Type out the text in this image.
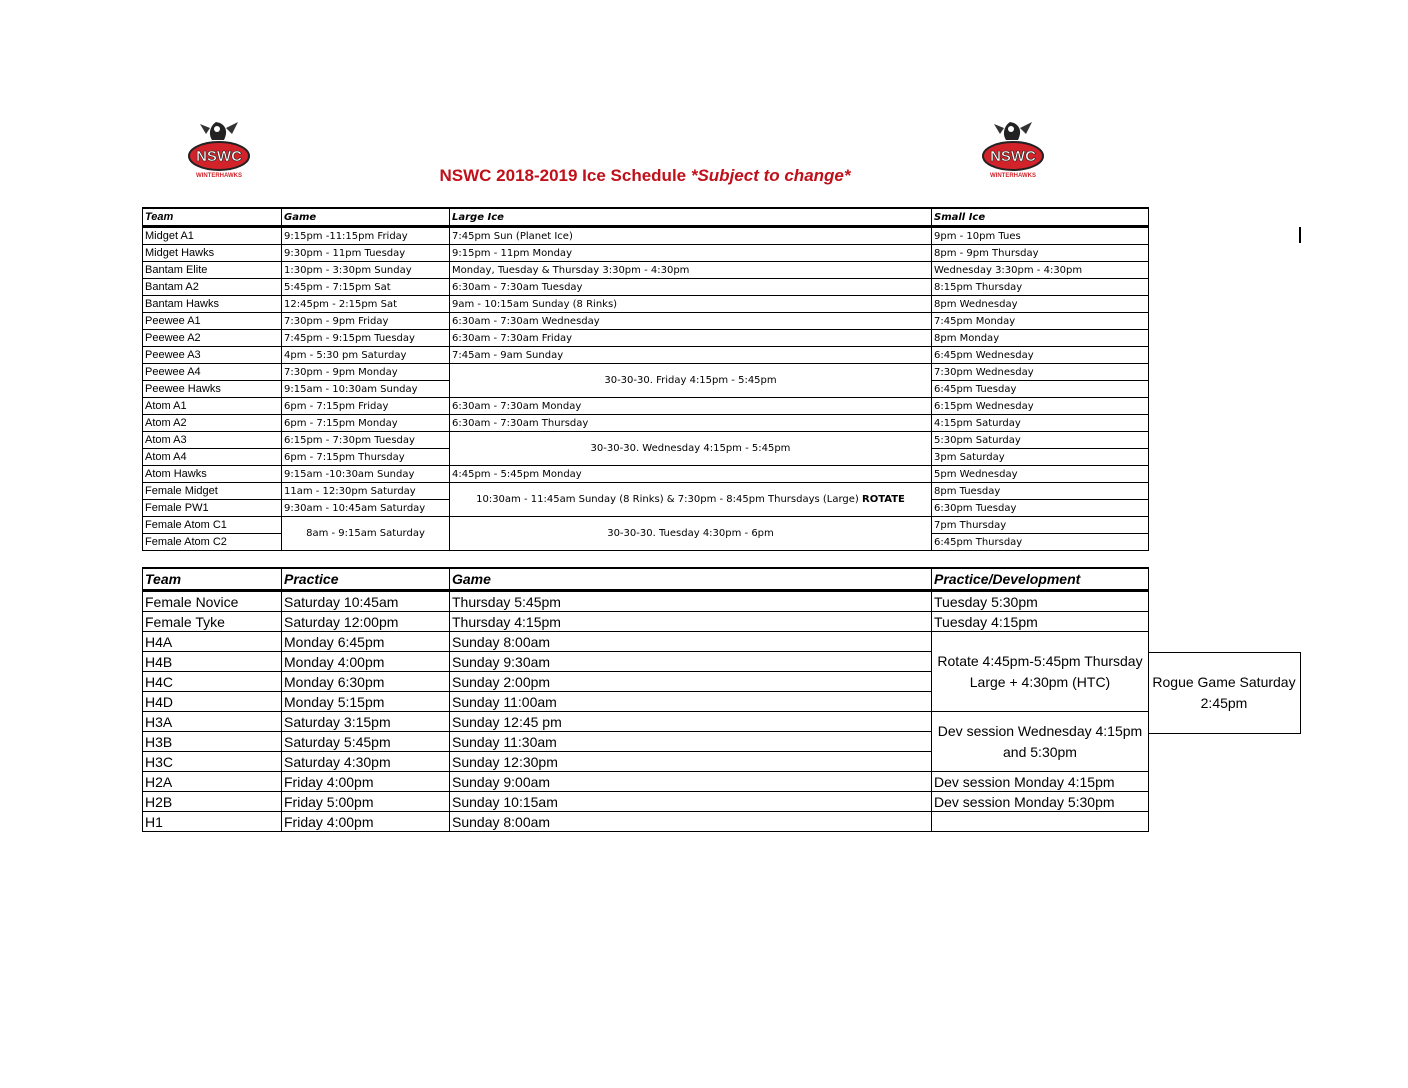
NSWC
WINTERHAWKS
NSWC
WINTERHAWKS
NSWC 2018-2019 Ice Schedule *Subject to change*
Team	Game	Large Ice	Small Ice
Midget A1	9:15pm -11:15pm Friday	7:45pm Sun (Planet Ice)	9pm - 10pm Tues
Midget Hawks	9:30pm - 11pm Tuesday	9:15pm - 11pm Monday	8pm - 9pm Thursday
Bantam Elite	1:30pm - 3:30pm Sunday	Monday, Tuesday & Thursday 3:30pm - 4:30pm	Wednesday 3:30pm - 4:30pm
Bantam A2	5:45pm - 7:15pm Sat	6:30am - 7:30am Tuesday	8:15pm Thursday
Bantam Hawks	12:45pm - 2:15pm Sat	9am - 10:15am Sunday (8 Rinks)	8pm Wednesday
Peewee A1	7:30pm - 9pm Friday	6:30am - 7:30am Wednesday	7:45pm Monday
Peewee A2	7:45pm - 9:15pm Tuesday	6:30am - 7:30am Friday	8pm Monday
Peewee A3	4pm - 5:30 pm Saturday	7:45am - 9am Sunday	6:45pm Wednesday
Peewee A4	7:30pm - 9pm Monday	30-30-30. Friday 4:15pm - 5:45pm	7:30pm Wednesday
Peewee Hawks	9:15am - 10:30am Sunday		6:45pm Tuesday
Atom A1	6pm - 7:15pm Friday	6:30am - 7:30am Monday	6:15pm Wednesday
Atom A2	6pm - 7:15pm Monday	6:30am - 7:30am Thursday	4:15pm Saturday
Atom A3	6:15pm - 7:30pm Tuesday	30-30-30. Wednesday 4:15pm - 5:45pm	5:30pm Saturday
Atom A4	6pm - 7:15pm Thursday		3pm Saturday
Atom Hawks	9:15am -10:30am Sunday	4:45pm - 5:45pm Monday	5pm Wednesday
Female Midget	11am - 12:30pm Saturday	10:30am - 11:45am Sunday (8 Rinks) & 7:30pm - 8:45pm Thursdays (Large) ROTATE	8pm Tuesday
Female PW1	9:30am - 10:45am Saturday		6:30pm Tuesday
Female Atom C1	8am - 9:15am Saturday	30-30-30. Tuesday 4:30pm - 6pm	7pm Thursday
Female Atom C2			6:45pm Thursday
Team	Practice	Game	Practice/Development
Female Novice	Saturday 10:45am	Thursday 5:45pm	Tuesday 5:30pm
Female Tyke	Saturday 12:00pm	Thursday 4:15pm	Tuesday 4:15pm
H4A	Monday 6:45pm	Sunday 8:00am	Rotate 4:45pm-5:45pm Thursday Large + 4:30pm (HTC)
H4B	Monday 4:00pm	Sunday 9:30am	
H4C	Monday 6:30pm	Sunday 2:00pm	
H4D	Monday 5:15pm	Sunday 11:00am	
H3A	Saturday 3:15pm	Sunday 12:45 pm	Dev session Wednesday 4:15pm and 5:30pm
H3B	Saturday 5:45pm	Sunday 11:30am	
H3C	Saturday 4:30pm	Sunday 12:30pm	
H2A	Friday 4:00pm	Sunday 9:00am	Dev session Monday 4:15pm
H2B	Friday 5:00pm	Sunday 10:15am	Dev session Monday 5:30pm
H1	Friday 4:00pm	Sunday 8:00am	
Rogue Game Saturday 2:45pm
